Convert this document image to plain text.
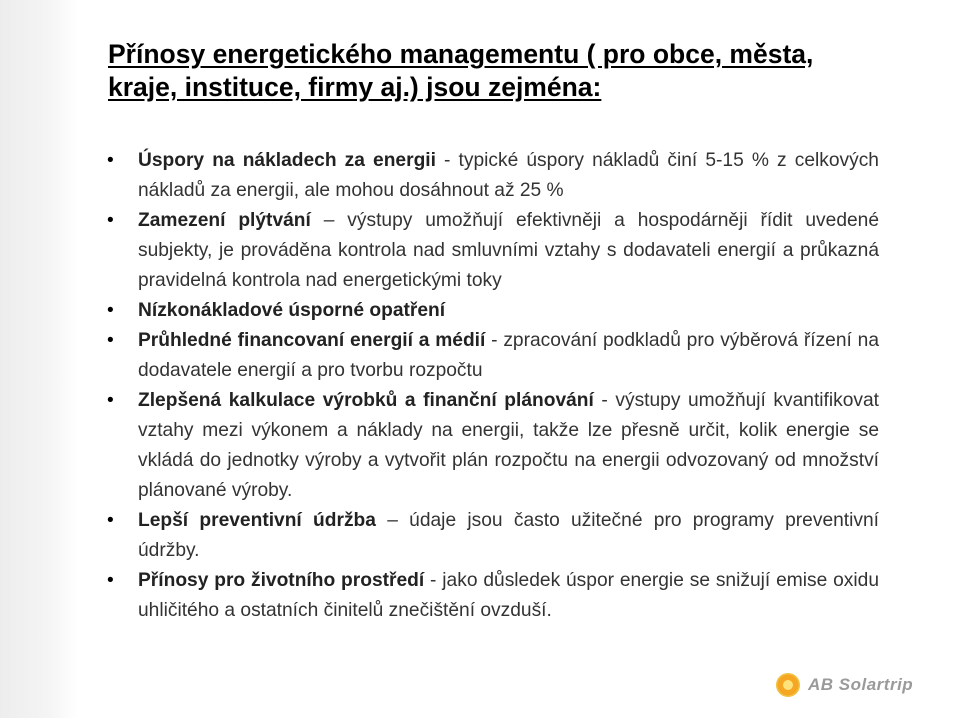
Přínosy energetického managementu ( pro obce, města,
kraje, instituce, firmy aj.) jsou zejména:
• Úspory na nákladech za energii - typické úspory nákladů činí 5-15 % z celkových nákladů za energii, ale mohou dosáhnout až 25 %
• Zamezení plýtvání – výstupy umožňují efektivněji a hospodárněji řídit uvedené subjekty, je prováděna kontrola nad smluvními vztahy s dodavateli energií a průkazná pravidelná kontrola nad energetickými toky
• Nízkonákladové úsporné opatření
• Průhledné financovaní energií a médií - zpracování podkladů pro výběrová řízení na dodavatele energií a pro tvorbu rozpočtu
• Zlepšená kalkulace výrobků a finanční plánování - výstupy umožňují kvantifikovat vztahy mezi výkonem a náklady na energii, takže lze přesně určit, kolik energie se vkládá do jednotky výroby a vytvořit plán rozpočtu na energii odvozovaný od množství plánované výroby.
• Lepší preventivní údržba – údaje jsou často užitečné pro programy preventivní údržby.
• Přínosy pro životního prostředí - jako důsledek úspor energie se snižují emise oxidu uhličitého a ostatních činitelů znečištění ovzduší.
AB Solartrip
